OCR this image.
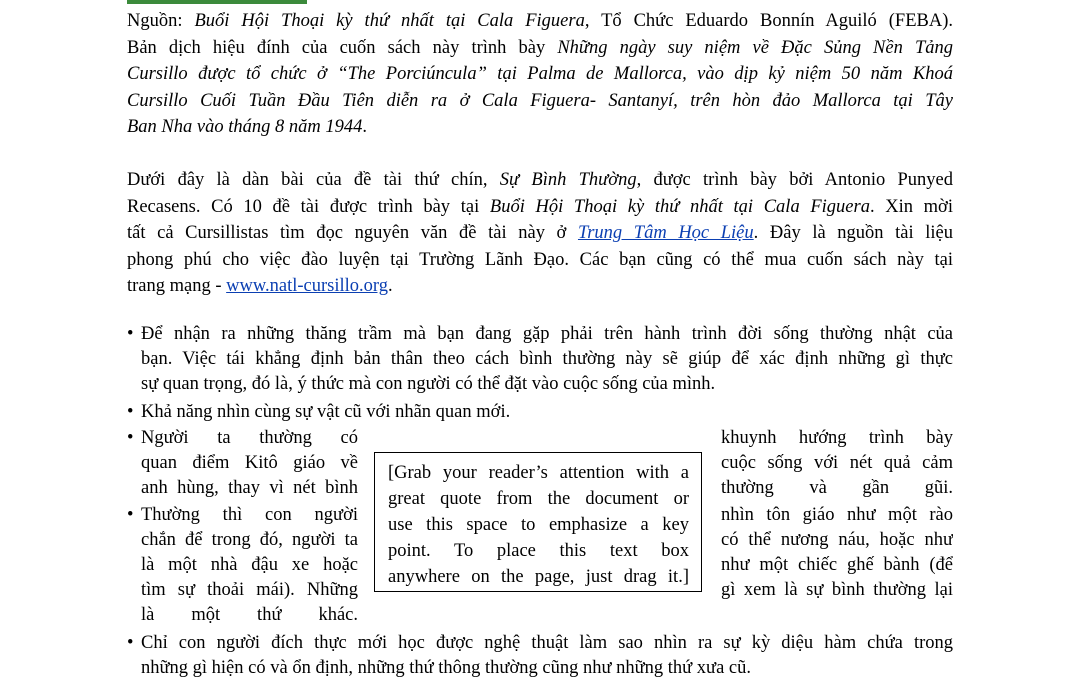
Nguồn: Buổi Hội Thoại kỳ thứ nhất tại Cala Figuera, Tổ Chức Eduardo Bonnín Aguiló (FEBA).
Bản dịch hiệu đính của cuốn sách này trình bày Những ngày suy niệm về Đặc Sủng Nền Tảng
Cursillo được tổ chức ở “The Porciúncula” tại Palma de Mallorca, vào dịp kỷ niệm 50 năm Khoá
Cursillo Cuối Tuần Đầu Tiên diễn ra ở Cala Figuera- Santanyí, trên hòn đảo Mallorca tại Tây
Ban Nha vào tháng 8 năm 1944.
Dưới đây là dàn bài của đề tài thứ chín, Sự Bình Thường, được trình bày bởi Antonio Punyed
Recasens. Có 10 đề tài được trình bày tại Buổi Hội Thoại kỳ thứ nhất tại Cala Figuera. Xin mời
tất cả Cursillistas tìm đọc nguyên văn đề tài này ở Trung Tâm Học Liệu. Đây là nguồn tài liệu
phong phú cho việc đào luyện tại Trường Lãnh Đạo. Các bạn cũng có thể mua cuốn sách này tại
trang mạng - www.natl-cursillo.org.
• Để nhận ra những thăng trầm mà bạn đang gặp phải trên hành trình đời sống thường nhật của
bạn. Việc tái khẳng định bản thân theo cách bình thường này sẽ giúp để xác định những gì thực
sự quan trọng, đó là, ý thức mà con người có thể đặt vào cuộc sống của mình.
• Khả năng nhìn cùng sự vật cũ với nhãn quan mới.
• Người ta thường có
quan điểm Kitô giáo về
anh hùng, thay vì nét bình
khuynh hướng trình bày
cuộc sống với nét quả cảm
thường và gần gũi.
• Thường thì con người
chắn để trong đó, người ta
là một nhà đậu xe hoặc
tìm sự thoải mái). Những
là một thứ khác.
nhìn tôn giáo như một rào
có thể nương náu, hoặc như
như một chiếc ghế bành (để
gì xem là sự bình thường lại
• Chỉ con người đích thực mới học được nghệ thuật làm sao nhìn ra sự kỳ diệu hàm chứa trong
những gì hiện có và ổn định, những thứ thông thường cũng như những thứ xưa cũ.
[Grab your reader’s attention with a
great quote from the document or
use this space to emphasize a key
point. To place this text box
anywhere on the page, just drag it.]
